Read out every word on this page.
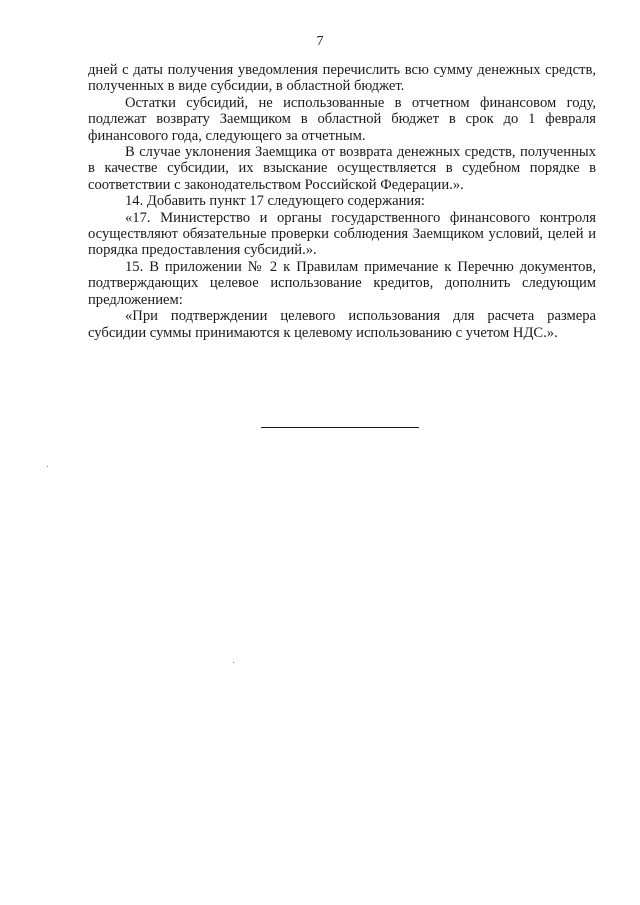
7

дней с даты получения уведомления перечислить всю сумму денежных средств, полученных в виде субсидии, в областной бюджет.

Остатки субсидий, не использованные в отчетном финансовом году, подлежат возврату Заемщиком в областной бюджет в срок до 1 февраля финансового года, следующего за отчетным.

В случае уклонения Заемщика от возврата денежных средств, полученных в качестве субсидии, их взыскание осуществляется в судебном порядке в соответствии с законодательством Российской Федерации.».

14. Добавить пункт 17 следующего содержания:

«17. Министерство и органы государственного финансового контроля осуществляют обязательные проверки соблюдения Заемщиком условий, целей и порядка предоставления субсидий.».

15. В приложении № 2 к Правилам примечание к Перечню документов, подтверждающих целевое использование кредитов, дополнить следующим предложением:

«При подтверждении целевого использования для расчета размера субсидии суммы принимаются к целевому использованию с учетом НДС.».
